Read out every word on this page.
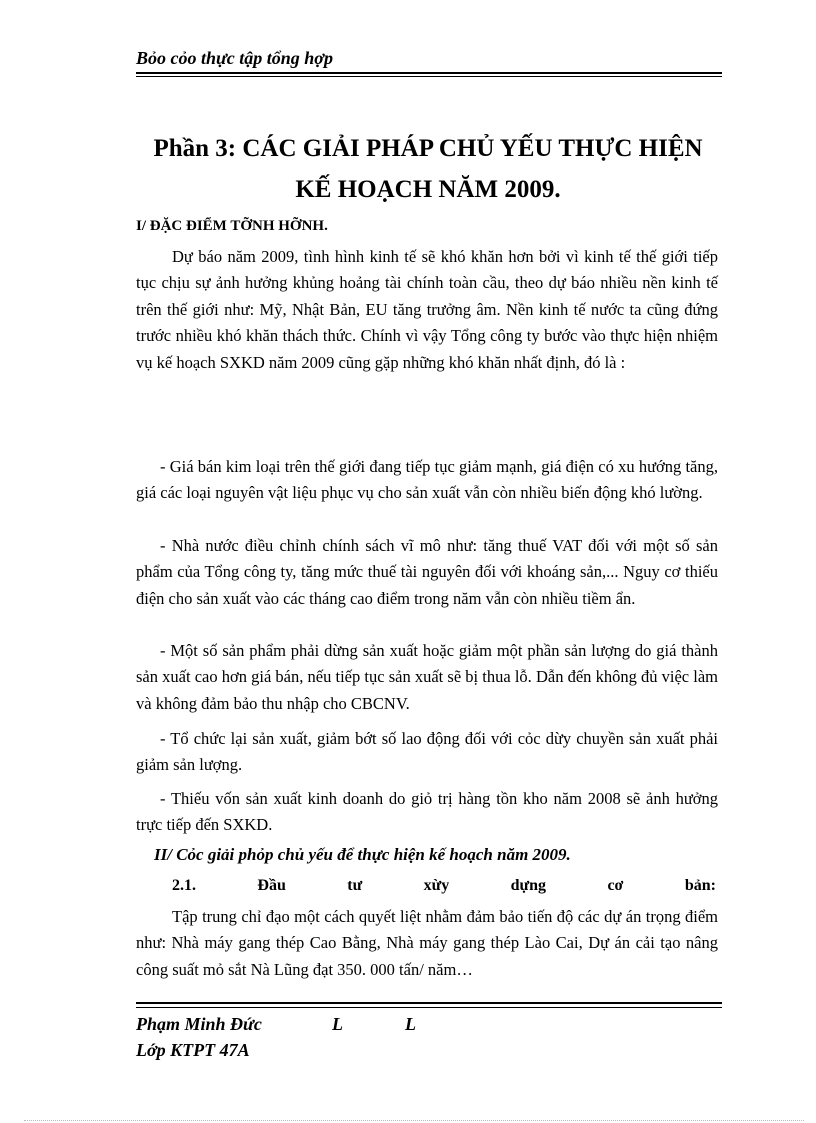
Bỏo cỏo thực tập tổng hợp
Phần 3: CÁC GIẢI PHÁP CHỦ YẾU THỰC HIỆN
KẾ HOẠCH NĂM 2009.
I/ ĐẶC ĐIỂM TỠNH HỠNH.

Dự báo năm 2009, tình hình kinh tế sẽ khó khăn hơn bởi vì kinh tế thế giới tiếp tục chịu sự ảnh hưởng khủng hoảng tài chính toàn cầu, theo dự báo nhiều nền kinh tế trên thế giới như: Mỹ, Nhật Bản, EU tăng trưởng âm. Nền kinh tế nước ta cũng đứng trước nhiều khó khăn thách thức. Chính vì vậy Tổng công ty bước vào thực hiện nhiệm vụ kế hoạch SXKD năm 2009 cũng gặp những khó khăn nhất định, đó là :

- Giá bán kim loại trên thế giới đang tiếp tục giảm mạnh, giá điện có xu hướng tăng, giá các loại nguyên vật liệu phục vụ cho sản xuất vẫn còn nhiều biến động khó lường.

- Nhà nước điều chỉnh chính sách vĩ mô như: tăng thuế VAT đối với một số sản phẩm của Tổng công ty, tăng mức thuế tài nguyên đối với khoáng sản,... Nguy cơ thiếu điện cho sản xuất vào các tháng cao điểm trong năm vẫn còn nhiều tiềm ẩn.

- Một số sản phẩm phải dừng sản xuất hoặc giảm một phần sản lượng do giá thành sản xuất cao hơn giá bán, nếu tiếp tục sản xuất sẽ bị thua lỗ. Dẫn đến không đủ việc làm và không đảm bảo thu nhập cho CBCNV.

- Tổ chức lại sản xuất, giảm bớt số lao động đối với cỏc dừy chuyền sản xuất phải giảm sản lượng.

- Thiếu vốn sản xuất kinh doanh do giỏ trị hàng tồn kho năm 2008 sẽ ảnh hưởng trực tiếp đến SXKD.

II/ Cỏc giải phỏp chủ yếu để thực hiện kế hoạch năm 2009.
2.1.	Đầu	tư	xừy	dựng	cơ	bản:

Tập trung chỉ đạo một cách quyết liệt nhằm đảm bảo tiến độ các dự án trọng điểm như: Nhà máy gang thép Cao Bằng, Nhà máy gang thép Lào Cai, Dự án cải tạo nâng công suất mỏ sắt Nà Lũng đạt 350. 000 tấn/ năm…

Phạm Minh Đức	L	L
Lớp KTPT 47A
